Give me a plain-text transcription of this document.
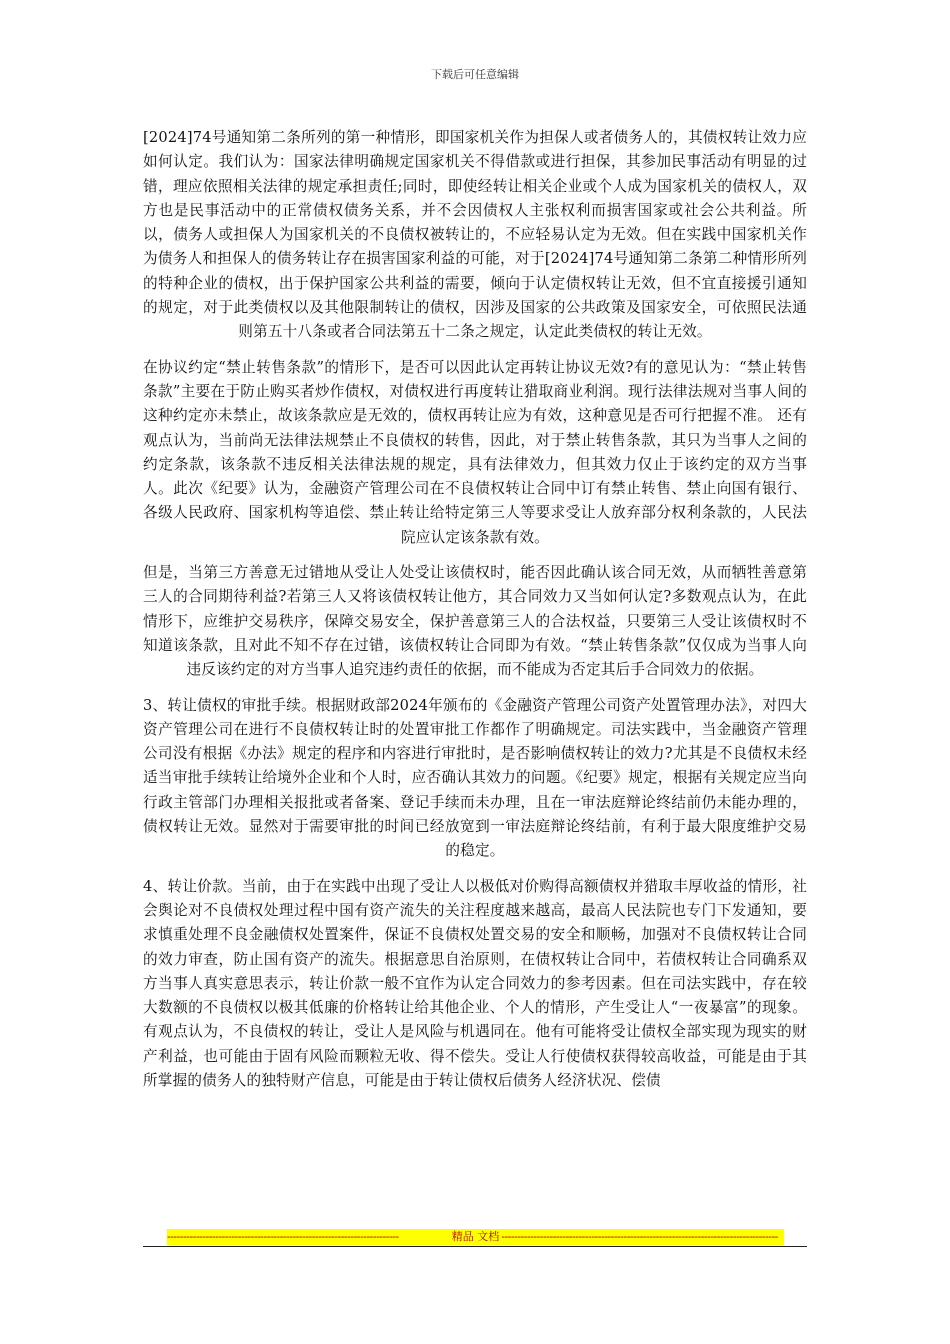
下载后可任意编辑

[2024]74号通知第二条所列的第一种情形，即国家机关作为担保人或者债务人的，其债权转让效力应如何认定。我们认为：国家法律明确规定国家机关不得借款或进行担保，其参加民事活动有明显的过错，理应依照相关法律的规定承担责任;同时，即使经转让相关企业或个人成为国家机关的债权人，双方也是民事活动中的正常债权债务关系，并不会因债权人主张权利而损害国家或社会公共利益。所以，债务人或担保人为国家机关的不良债权被转让的，不应轻易认定为无效。但在实践中国家机关作为债务人和担保人的债务转让存在损害国家利益的可能，对于[2024]74号通知第二条第二种情形所列的特种企业的债权，出于保护国家公共利益的需要，倾向于认定债权转让无效，但不宜直接援引通知的规定，对于此类债权以及其他限制转让的债权，因涉及国家的公共政策及国家安全，可依照民法通则第五十八条或者合同法第五十二条之规定，认定此类债权的转让无效。

在协议约定“禁止转售条款”的情形下，是否可以因此认定再转让协议无效?有的意见认为：“禁止转售条款”主要在于防止购买者炒作债权，对债权进行再度转让猎取商业利润。现行法律法规对当事人间的这种约定亦未禁止，故该条款应是无效的，债权再转让应为有效，这种意见是否可行把握不准。 还有观点认为，当前尚无法律法规禁止不良债权的转售，因此，对于禁止转售条款，其只为当事人之间的约定条款，该条款不违反相关法律法规的规定，具有法律效力，但其效力仅止于该约定的双方当事人。此次《纪要》认为，金融资产管理公司在不良债权转让合同中订有禁止转售、禁止向国有银行、各级人民政府、国家机构等追偿、禁止转让给特定第三人等要求受让人放弃部分权利条款的，人民法院应认定该条款有效。

但是，当第三方善意无过错地从受让人处受让该债权时，能否因此确认该合同无效，从而牺牲善意第三人的合同期待利益?若第三人又将该债权转让他方，其合同效力又当如何认定?多数观点认为，在此情形下，应维护交易秩序，保障交易安全，保护善意第三人的合法权益，只要第三人受让该债权时不知道该条款，且对此不知不存在过错，该债权转让合同即为有效。“禁止转售条款”仅仅成为当事人向违反该约定的对方当事人追究违约责任的依据，而不能成为否定其后手合同效力的依据。

3、转让债权的审批手续。根据财政部2024年颁布的《金融资产管理公司资产处置管理办法》，对四大资产管理公司在进行不良债权转让时的处置审批工作都作了明确规定。司法实践中，当金融资产管理公司没有根据《办法》规定的程序和内容进行审批时，是否影响债权转让的效力?尤其是不良债权未经适当审批手续转让给境外企业和个人时，应否确认其效力的问题。《纪要》规定，根据有关规定应当向行政主管部门办理相关报批或者备案、登记手续而未办理，且在一审法庭辩论终结前仍未能办理的，债权转让无效。显然对于需要审批的时间已经放宽到一审法庭辩论终结前，有利于最大限度维护交易的稳定。

4、转让价款。当前，由于在实践中出现了受让人以极低对价购得高额债权并猎取丰厚收益的情形，社会舆论对不良债权处理过程中国有资产流失的关注程度越来越高，最高人民法院也专门下发通知，要求慎重处理不良金融债权处置案件，保证不良债权处置交易的安全和顺畅，加强对不良债权转让合同的效力审查，防止国有资产的流失。根据意思自治原则，在债权转让合同中，若债权转让合同确系双方当事人真实意思表示，转让价款一般不宜作为认定合同效力的参考因素。但在司法实践中，存在较大数额的不良债权以极其低廉的价格转让给其他企业、个人的情形，产生受让人“一夜暴富”的现象。有观点认为，不良债权的转让，受让人是风险与机遇同在。他有可能将受让债权全部实现为现实的财产利益，也可能由于固有风险而颗粒无收、得不偿失。受让人行使债权获得较高收益，可能是由于其所掌握的债务人的独特财产信息，可能是由于转让债权后债务人经济状况、偿债

------------------------------------------------------------------------	精品 文档 --------------------------------------------------------------------------------------
